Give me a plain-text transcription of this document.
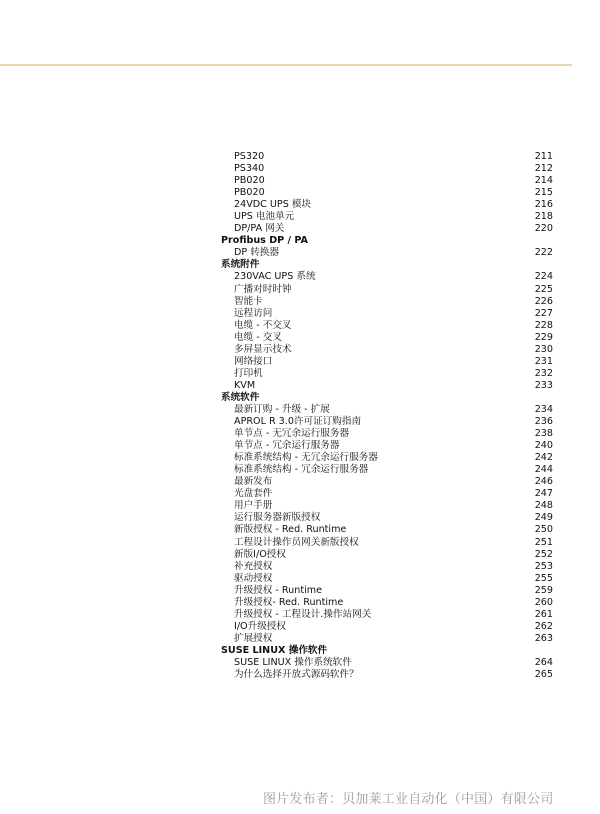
PS320	211
PS340	212
PB020	214
PB020	215
24VDC UPS 模块	216
UPS 电池单元	218
DP/PA 网关	220
Profibus DP / PA
DP 转换器	222
系统附件
230VAC UPS 系统	224
广播对时时钟	225
智能卡	226
远程访问	227
电缆 - 不交叉	228
电缆 - 交叉	229
多屏显示技术	230
网络接口	231
打印机	232
KVM	233
系统软件
最新订购 - 升级 - 扩展	234
APROL R 3.0许可证订购指南	236
单节点 - 无冗余运行服务器	238
单节点 - 冗余运行服务器	240
标准系统结构 - 无冗余运行服务器	242
标准系统结构 - 冗余运行服务器	244
最新发布	246
光盘套件	247
用户手册	248
运行服务器新版授权	249
新版授权 - Red. Runtime	250
工程设计操作员网关新版授权	251
新版I/O授权	252
补充授权	253
驱动授权	255
升级授权 - Runtime	259
升级授权- Red. Runtime	260
升级授权 - 工程设计.操作站网关	261
I/O升级授权	262
扩展授权	263
SUSE LINUX 操作软件
SUSE LINUX 操作系统软件	264
为什么选择开放式源码软件？	265
图片发布者：贝加莱工业自动化（中国）有限公司
